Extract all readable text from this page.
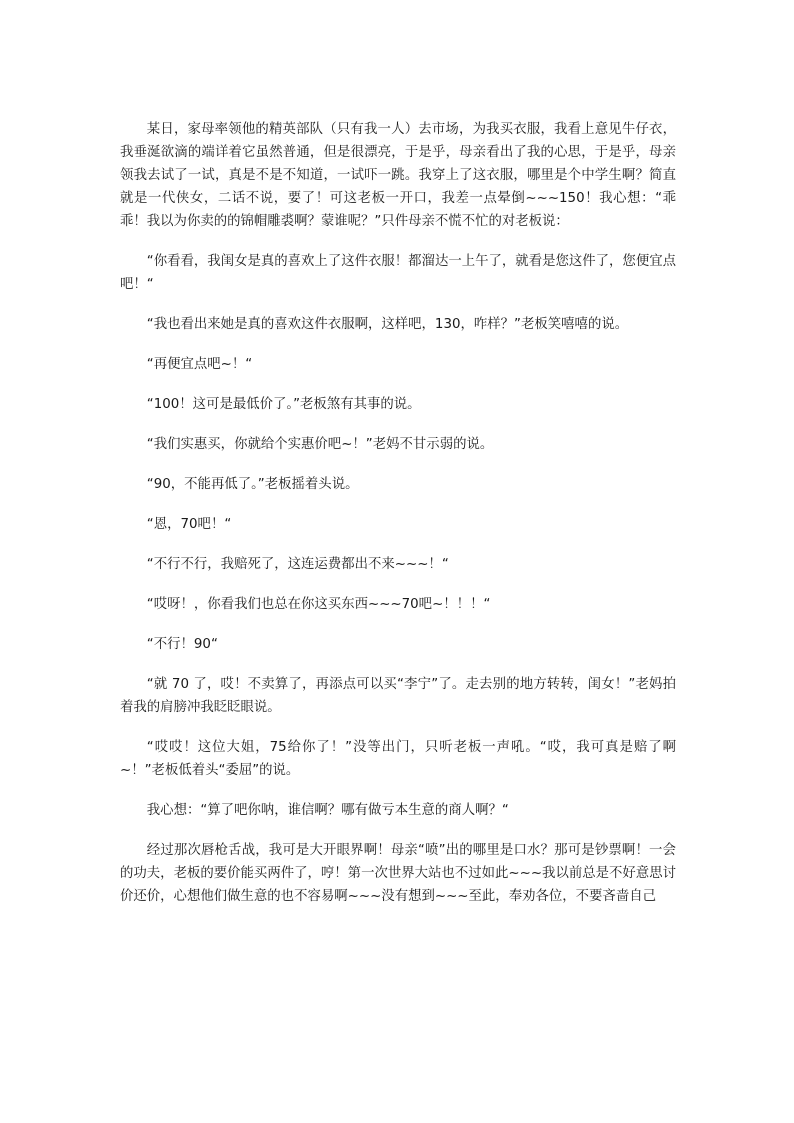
某日，家母率领他的精英部队（只有我一人）去市场，为我买衣服，我看上意见牛仔衣，我垂涎欲滴的端详着它虽然普通，但是很漂亮，于是乎，母亲看出了我的心思，于是乎，母亲领我去试了一试，真是不是不知道，一试吓一跳。我穿上了这衣服，哪里是个中学生啊？简直就是一代侠女，二话不说，要了！可这老板一开口，我差一点晕倒~~~150！我心想：“乖乖！我以为你卖的的锦帽雕裘啊？蒙谁呢？”只件母亲不慌不忙的对老板说：

“你看看，我闺女是真的喜欢上了这件衣服！都溜达一上午了，就看是您这件了，您便宜点吧！“

“我也看出来她是真的喜欢这件衣服啊，这样吧，130，咋样？”老板笑嘻嘻的说。

“再便宜点吧~！“

“100！这可是最低价了。”老板煞有其事的说。

“我们实惠买，你就给个实惠价吧~！”老妈不甘示弱的说。

“90，不能再低了。”老板摇着头说。

“恩，70吧！“

“不行不行，我赔死了，这连运费都出不来~~~！“

“哎呀！，你看我们也总在你这买东西~~~70吧~！！！“

“不行！90“

“就 70 了，哎！不卖算了，再添点可以买“李宁”了。走去别的地方转转，闺女！”老妈拍着我的肩膀冲我眨眨眼说。

“哎哎！这位大姐，75给你了！”没等出门，只听老板一声吼。“哎，我可真是赔了啊~！”老板低着头“委屈”的说。

我心想：“算了吧你呐，谁信啊？哪有做亏本生意的商人啊？“

经过那次唇枪舌战，我可是大开眼界啊！母亲“喷”出的哪里是口水？那可是钞票啊！一会的功夫，老板的要价能买两件了，哼！第一次世界大站也不过如此~~~我以前总是不好意思讨价还价，心想他们做生意的也不容易啊~~~没有想到~~~至此，奉劝各位，不要吝啬自己
